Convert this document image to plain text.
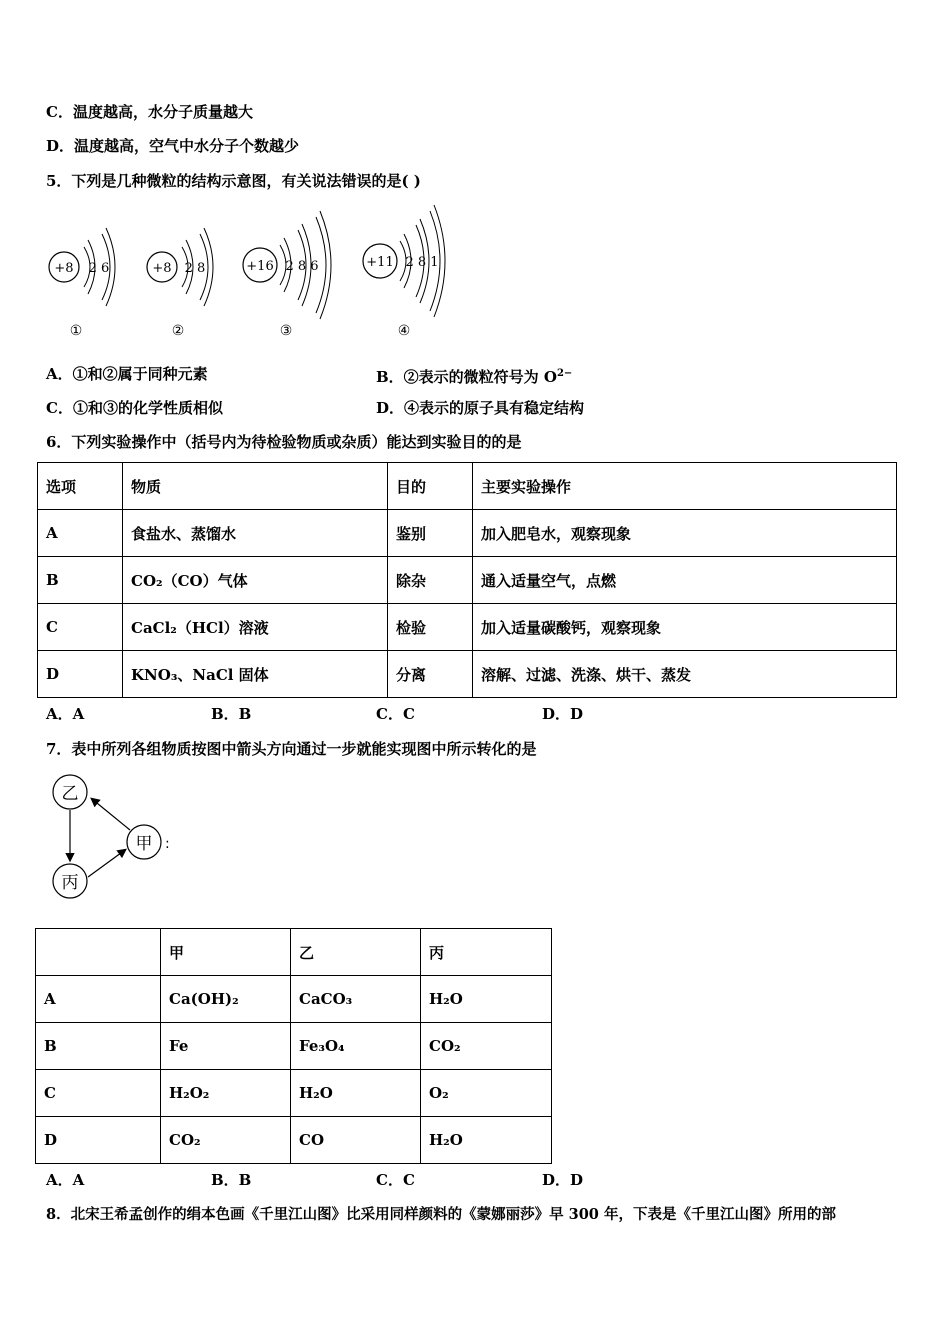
C．温度越高，水分子质量越大
D．温度越高，空气中水分子个数越少
5．下列是几种微粒的结构示意图，有关说法错误的是( )
+8 2 6
①
+8 2 8
②
+16 2 8 6
③
+11 2 8 1
④
A．①和②属于同种元素	B．②表示的微粒符号为 $O^{2-}$
C．①和③的化学性质相似	D．④表示的原子具有稳定结构
6．下列实验操作中（括号内为待检验物质或杂质）能达到实验目的的是
选项	物质	目的	主要实验操作
A	食盐水、蒸馏水	鉴别	加入肥皂水，观察现象
B	CO₂（CO）气体	除杂	通入适量空气，点燃
C	CaCl₂（HCl）溶液	检验	加入适量碳酸钙，观察现象
D	KNO₃、NaCl 固体	分离	溶解、过滤、洗涤、烘干、蒸发
A．A	B．B	C．C	D．D
7．表中所列各组物质按图中箭头方向通过一步就能实现图中所示转化的是
乙
甲 :
丙
	甲	乙	丙
A	Ca(OH)₂	CaCO₃	H₂O
B	Fe	Fe₃O₄	CO₂
C	H₂O₂	H₂O	O₂
D	CO₂	CO	H₂O
A．A	B．B	C．C	D．D
8．北宋王希孟创作的绢本色画《千里江山图》比采用同样颜料的《蒙娜丽莎》早 300 年，下表是《千里江山图》所用的部
